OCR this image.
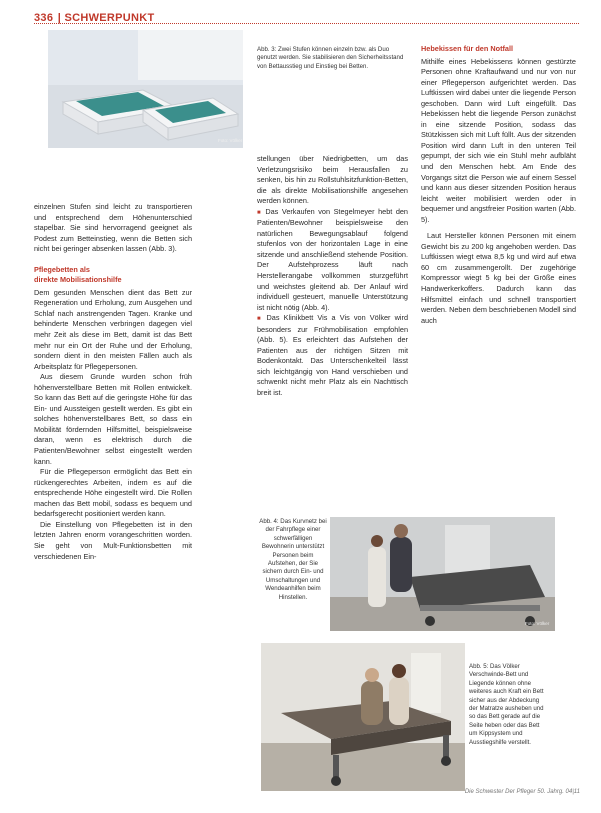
336 | SCHWERPUNKT
Foto: Völker
Abb. 3: Zwei Stufen können einzeln bzw. als Duo genutzt werden. Sie stabilisieren den Sicherheitsstand von Bettausstieg und Einstieg bei Betten.

einzelnen Stufen sind leicht zu transportieren und entsprechend dem Höhenunterschied stapelbar. Sie sind hervorragend geeignet als Podest zum Betteinstieg, wenn die Betten sich nicht bei geringer absenken lassen (Abb. 3).

Pflegebetten als
direkte Mobilisationshilfe

Dem gesunden Menschen dient das Bett zur Regeneration und Erholung, zum Ausgehen und Schlaf nach anstrengenden Tagen. Kranke und behinderte Menschen verbringen dagegen viel mehr Zeit als diese im Bett, damit ist das Bett mehr nur ein Ort der Ruhe und der Erholung, sondern dient in den meisten Fällen auch als Arbeitsplatz für Pflegepersonen.

Aus diesem Grunde wurden schon früh höhenverstellbare Betten mit Rollen entwickelt. So kann das Bett auf die geringste Höhe für das Ein- und Aussteigen gestellt werden. Es gibt ein solches höhenverstellbares Bett, so dass ein Mobilität fördernden Hilfsmittel, beispielsweise daran, wenn es elektrisch durch die Patienten/Bewohner selbst eingestellt werden kann.

Für die Pflegeperson ermöglicht das Bett ein rückengerechtes Arbeiten, indem es auf die entsprechende Höhe eingestellt wird. Die Rollen machen das Bett mobil, sodass es bequem und bedarfsgerecht positioniert werden kann.

Die Einstellung von Pflegebetten ist in den letzten Jahren enorm vorangeschritten worden. Sie geht von Mult-Funktionsbetten mit verschiedenen Ein-

stellungen über Niedrigbetten, um das Verletzungsrisiko beim Herausfallen zu senken, bis hin zu Rollstuhlsitzfunktion-Betten, die als direkte Mobilisationshilfe angesehen werden können.

■ Das Verkaufen von Stegelmeyer hebt den Patienten/Bewohner beispielsweise den natürlichen Bewegungsablauf folgend stufenlos von der horizontalen Lage in eine sitzende und anschließend stehende Position. Der Aufstehprozess läuft nach Herstellerangabe vollkommen sturzgeführt und weichstes gleitend ab. Der Anlauf wird individuell gesteuert, manuelle Unterstützung ist nicht nötig (Abb. 4).

■ Das Klinikbett Vis a Vis von Völker wird besonders zur Frühmobilisation empfohlen (Abb. 5). Es erleichtert das Aufstehen der Patienten aus der richtigen Sitzen mit Bodenkontakt. Das Unterschenkelteil lässt sich leichtgängig von Hand verschieben und schwenkt nicht mehr Platz als ein Nachttisch breit ist.

Hebekissen für den Notfall

Mithilfe eines Hebekissens können gestürzte Personen ohne Kraftaufwand und nur von nur einer Pflegeperson aufgerichtet werden. Das Luftkissen wird dabei unter die liegende Person geschoben. Dann wird Luft eingefüllt. Das Hebekissen hebt die liegende Person zunächst in eine sitzende Position, sodass das Stützkissen sich mit Luft füllt. Aus der sitzenden Position wird dann Luft in den unteren Teil gepumpt, der sich wie ein Stuhl mehr aufbläht und den Menschen hebt. Am Ende des Vorgangs sitzt die Person wie auf einem Sessel und kann aus dieser sitzenden Position heraus leicht weiter mobilisiert werden oder in bequemer und angstfreier Position warten (Abb. 5).

Laut Hersteller können Personen mit einem Gewicht bis zu 200 kg angehoben werden. Das Luftkissen wiegt etwa 8,5 kg und wird auf etwa 60 cm zusammengerollt. Der zugehörige Kompressor wiegt 5 kg bei der Größe eines Handwerkerkoffers. Dadurch kann das Hilfsmittel einfach und schnell transportiert werden. Neben dem beschriebenen Modell sind auch

Abb. 4: Das Kurvnetz bei der Fahrpflege einer schwerfälligen Bewohnerin unterstützt Personen beim Aufstehen, der Sie sichern durch Ein- und Umschaltungen und Wendeanhilfen beim Hinstellen.
Foto: Völker
Abb. 5: Das Völker Verschwinde-Bett und Liegende können ohne weiteres auch Kraft ein Bett sicher aus der Abdeckung der Matratze ausheben und so das Bett gerade auf die Seite heben oder das Bett um Kippsystem und Ausstiegshilfe verstellt.
Die Schwester Der Pfleger 50. Jahrg. 04|11
